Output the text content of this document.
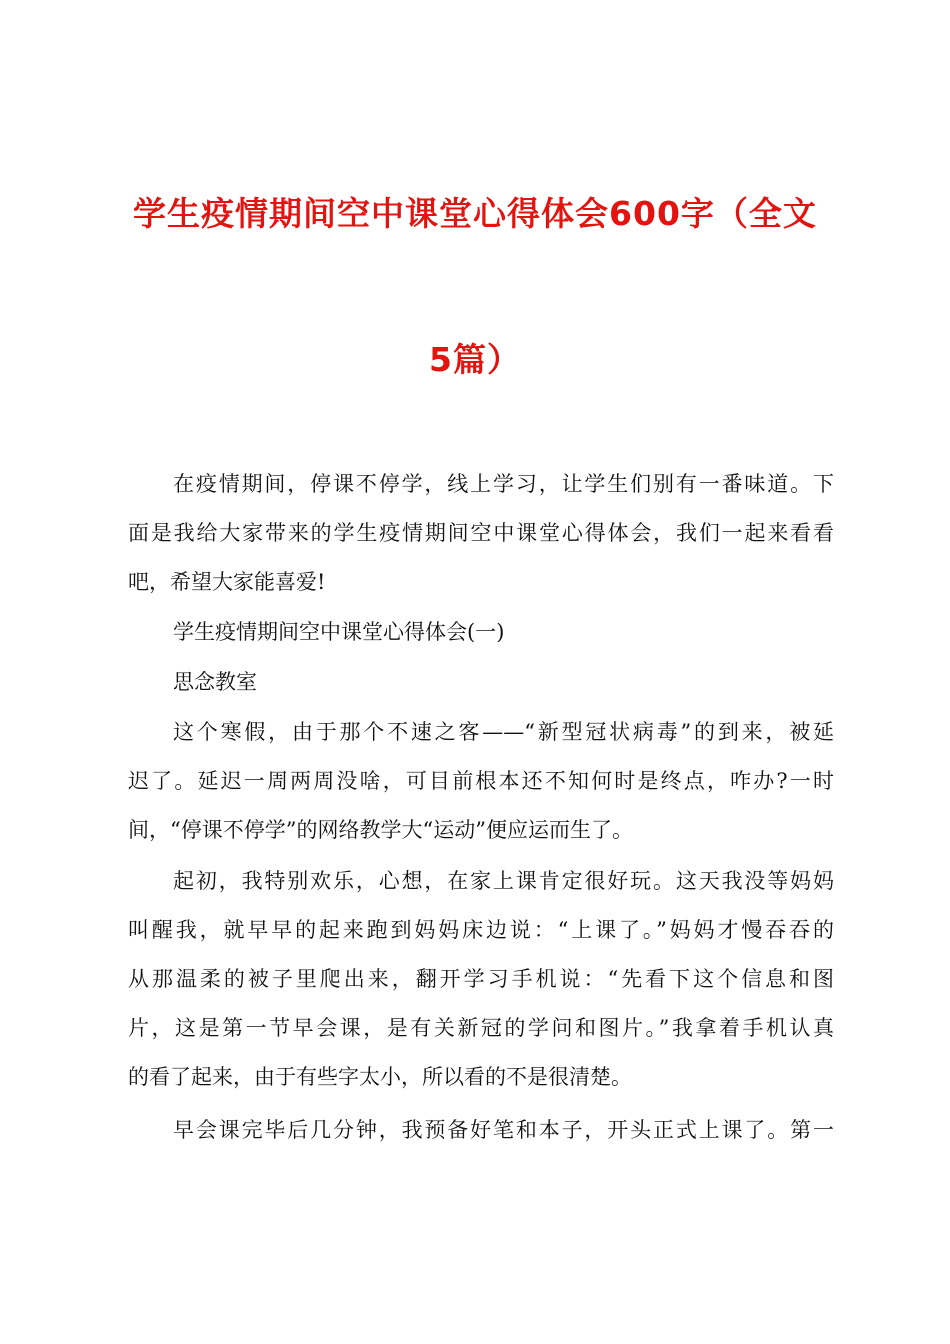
学生疫情期间空中课堂心得体会600字（全文
5篇）
在疫情期间，停课不停学，线上学习，让学生们别有一番味道。下
面是我给大家带来的学生疫情期间空中课堂心得体会，我们一起来看看
吧，希望大家能喜爱!
学生疫情期间空中课堂心得体会(一)
思念教室
这个寒假，由于那个不速之客——“新型冠状病毒”的到来，被延
迟了。延迟一周两周没啥，可目前根本还不知何时是终点，咋办?一时
间，“停课不停学”的网络教学大“运动”便应运而生了。
起初，我特别欢乐，心想，在家上课肯定很好玩。这天我没等妈妈
叫醒我，就早早的起来跑到妈妈床边说：“上课了。”妈妈才慢吞吞的
从那温柔的被子里爬出来，翻开学习手机说：“先看下这个信息和图
片，这是第一节早会课，是有关新冠的学问和图片。”我拿着手机认真
的看了起来，由于有些字太小，所以看的不是很清楚。
早会课完毕后几分钟，我预备好笔和本子，开头正式上课了。第一
